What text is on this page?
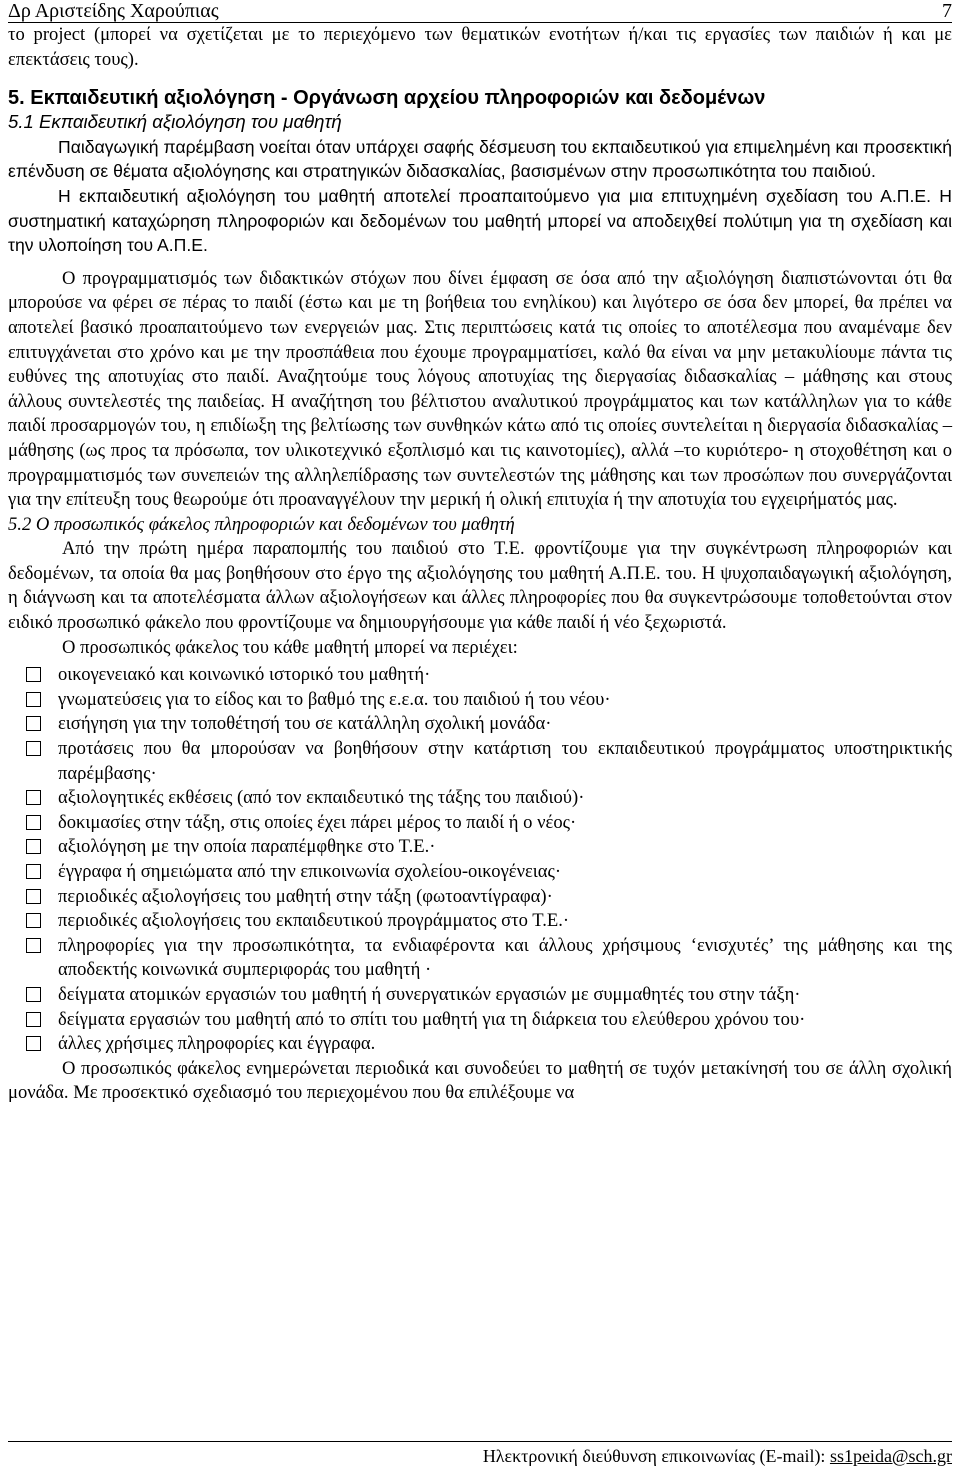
Δρ Αριστείδης Χαρούπιας	7

το project (μπορεί να σχετίζεται με το περιεχόμενο των θεματικών ενοτήτων ή/και τις εργασίες των παιδιών ή και με επεκτάσεις τους).

5. Εκπαιδευτική αξιολόγηση - Οργάνωση αρχείου πληροφοριών και δεδομένων

5.1 Εκπαιδευτική αξιολόγηση του μαθητή

Παιδαγωγική παρέμβαση νοείται όταν υπάρχει σαφής δέσμευση του εκπαιδευτικού για επιμελημένη και προσεκτική επένδυση σε θέματα αξιολόγησης και στρατηγικών διδασκαλίας, βασισμένων στην προσωπικότητα του παιδιού.

Η εκπαιδευτική αξιολόγηση του μαθητή αποτελεί προαπαιτούμενο για μια επιτυχημένη σχεδίαση του Α.Π.Ε. Η συστηματική καταχώρηση πληροφοριών και δεδομένων του μαθητή μπορεί να αποδειχθεί πολύτιμη για τη σχεδίαση και την υλοποίηση του Α.Π.Ε.

Ο προγραμματισμός των διδακτικών στόχων που δίνει έμφαση σε όσα από την αξιολόγηση διαπιστώνονται ότι θα μπορούσε να φέρει σε πέρας το παιδί (έστω και με τη βοήθεια του ενηλίκου) και λιγότερο σε όσα δεν μπορεί, θα πρέπει να αποτελεί βασικό προαπαιτούμενο των ενεργειών μας. Στις περιπτώσεις κατά τις οποίες το αποτέλεσμα που αναμέναμε δεν επιτυγχάνεται στο χρόνο και με την προσπάθεια που έχουμε προγραμματίσει, καλό θα είναι να μην μετακυλίουμε πάντα τις ευθύνες της αποτυχίας στο παιδί. Αναζητούμε τους λόγους αποτυχίας της διεργασίας διδασκαλίας – μάθησης και στους άλλους συντελεστές της παιδείας. Η αναζήτηση του βέλτιστου αναλυτικού προγράμματος και των κατάλληλων για το κάθε παιδί προσαρμογών του, η επιδίωξη της βελτίωσης των συνθηκών κάτω από τις οποίες συντελείται η διεργασία διδασκαλίας – μάθησης (ως προς τα πρόσωπα, τον υλικοτεχνικό εξοπλισμό και τις καινοτομίες), αλλά –το κυριότερο- η στοχοθέτηση και ο προγραμματισμός των συνεπειών της αλληλεπίδρασης των συντελεστών της μάθησης και των προσώπων που συνεργάζονται για την επίτευξη τους θεωρούμε ότι προαναγγέλουν την μερική ή ολική επιτυχία ή την αποτυχία του εγχειρήματός μας.

5.2 Ο προσωπικός φάκελος πληροφοριών και δεδομένων του μαθητή

Από την πρώτη ημέρα παραπομπής του παιδιού στο Τ.Ε. φροντίζουμε για την συγκέντρωση πληροφοριών και δεδομένων, τα οποία θα μας βοηθήσουν στο έργο της αξιολόγησης του μαθητή Α.Π.Ε. του. Η ψυχοπαιδαγωγική αξιολόγηση, η διάγνωση και τα αποτελέσματα άλλων αξιολογήσεων και άλλες πληροφορίες που θα συγκεντρώσουμε τοποθετούνται στον ειδικό προσωπικό φάκελο που φροντίζουμε να δημιουργήσουμε για κάθε παιδί ή νέο ξεχωριστά.

Ο προσωπικός φάκελος του κάθε μαθητή μπορεί να περιέχει:

οικογενειακό και κοινωνικό ιστορικό του μαθητή·
γνωματεύσεις για το είδος και το βαθμό της ε.ε.α. του παιδιού ή του νέου·
εισήγηση για την τοποθέτησή του σε κατάλληλη σχολική μονάδα·
προτάσεις που θα μπορούσαν να βοηθήσουν στην κατάρτιση του εκπαιδευτικού προγράμματος υποστηρικτικής παρέμβασης·
αξιολογητικές εκθέσεις (από τον εκπαιδευτικό της τάξης του παιδιού)·
δοκιμασίες στην τάξη, στις οποίες έχει πάρει μέρος το παιδί ή ο νέος·
αξιολόγηση με την οποία παραπέμφθηκε στο Τ.Ε.·
έγγραφα ή σημειώματα από την επικοινωνία σχολείου-οικογένειας·
περιοδικές αξιολογήσεις του μαθητή στην τάξη (φωτοαντίγραφα)·
περιοδικές αξιολογήσεις του εκπαιδευτικού προγράμματος στο Τ.Ε.·
πληροφορίες για την προσωπικότητα, τα ενδιαφέροντα και άλλους χρήσιμους ‘ενισχυτές’ της μάθησης και της αποδεκτής κοινωνικά συμπεριφοράς του μαθητή ·
δείγματα ατομικών εργασιών του μαθητή ή συνεργατικών εργασιών με συμμαθητές του στην τάξη·
δείγματα εργασιών του μαθητή από το σπίτι του μαθητή για τη διάρκεια του ελεύθερου χρόνου του·
άλλες χρήσιμες πληροφορίες και έγγραφα.

Ο προσωπικός φάκελος ενημερώνεται περιοδικά και συνοδεύει το μαθητή σε τυχόν μετακίνησή του σε άλλη σχολική μονάδα. Με προσεκτικό σχεδιασμό του περιεχομένου που θα επιλέξουμε να

Ηλεκτρονική διεύθυνση επικοινωνίας (E-mail): ss1peida@sch.gr
